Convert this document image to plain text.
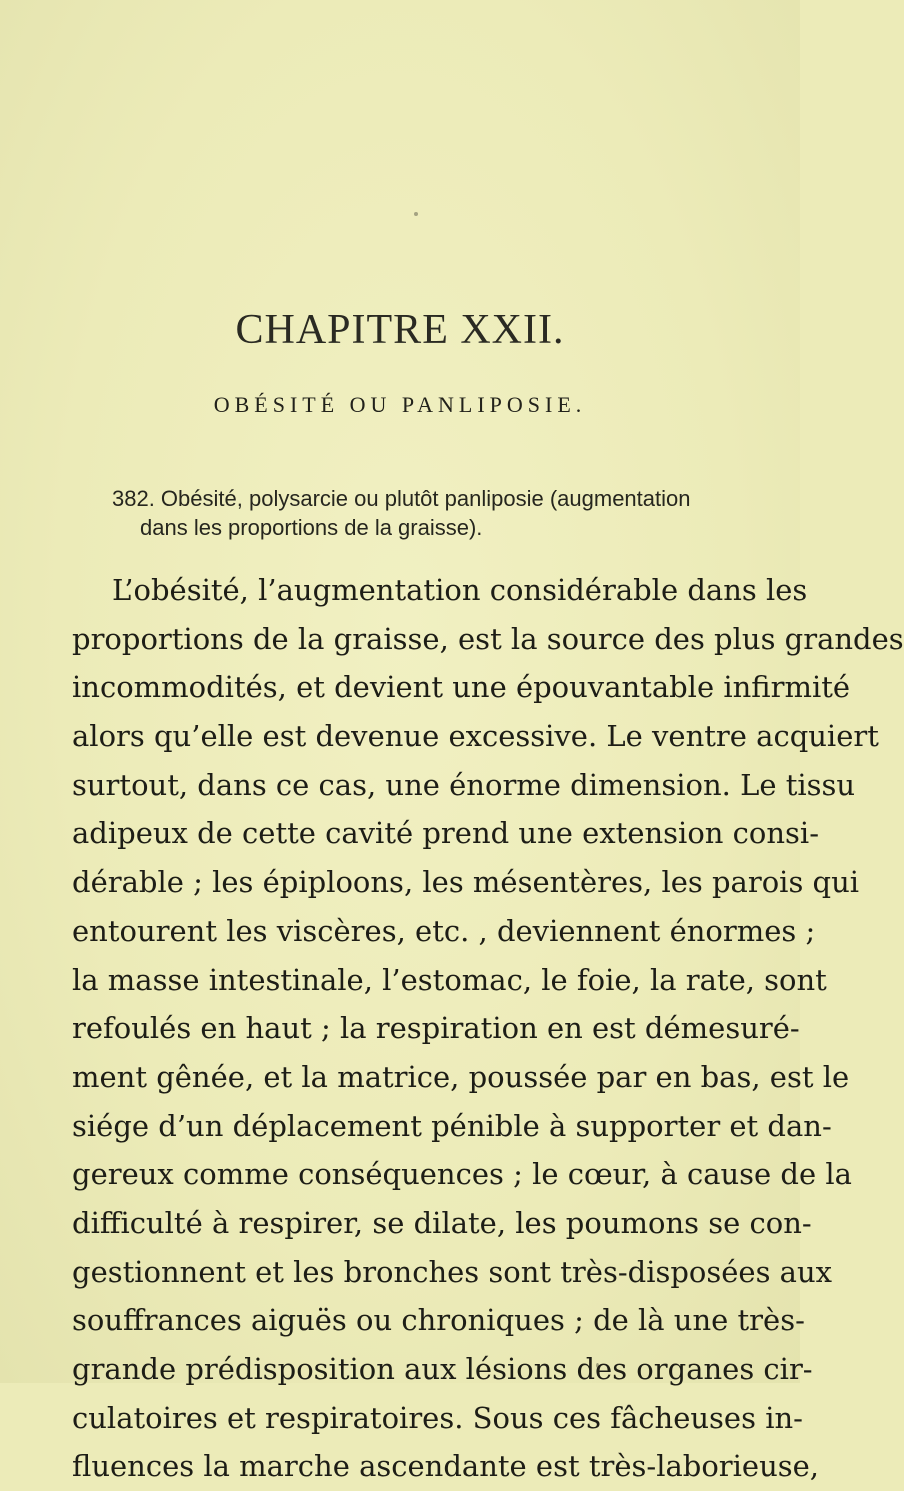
CHAPITRE XXII.
OBÉSITÉ OU PANLIPOSIE.
382. Obésité, polysarcie ou plutôt panliposie (augmentation
dans les proportions de la graisse).
L’obésité, l’augmentation considérable dans les
proportions de la graisse, est la source des plus grandes
incommodités, et devient une épouvantable infirmité
alors qu’elle est devenue excessive. Le ventre acquiert
surtout, dans ce cas, une énorme dimension. Le tissu
adipeux de cette cavité prend une extension consi-
dérable ; les épiploons, les mésentères, les parois qui
entourent les viscères, etc. , deviennent énormes ;
la masse intestinale, l’estomac, le foie, la rate, sont
refoulés en haut ; la respiration en est démesuré-
ment gênée, et la matrice, poussée par en bas, est le
siége d’un déplacement pénible à supporter et dan-
gereux comme conséquences ; le cœur, à cause de la
difficulté à respirer, se dilate, les poumons se con-
gestionnent et les bronches sont très-disposées aux
souffrances aiguës ou chroniques ; de là une très-
grande prédisposition aux lésions des organes cir-
culatoires et respiratoires. Sous ces fâcheuses in-
fluences la marche ascendante est très-laborieuse,
